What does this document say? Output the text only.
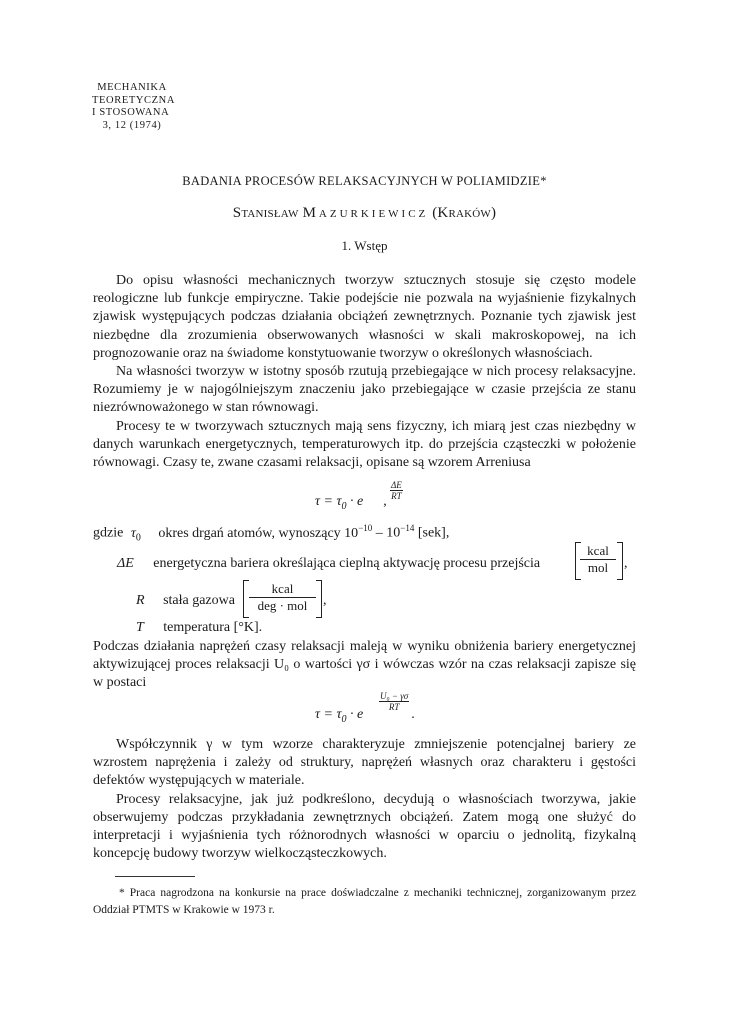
MECHANIKA
TEORETYCZNA
I STOSOWANA
3, 12 (1974)
BADANIA PROCESÓW RELAKSACYJNYCH W POLIAMIDZIE*
Stanisław Mazurkiewicz (Kraków)
1. Wstęp
Do opisu własności mechanicznych tworzyw sztucznych stosuje się często modele reologiczne lub funkcje empiryczne. Takie podejście nie pozwala na wyjaśnienie fizykalnych zjawisk występujących podczas działania obciążeń zewnętrznych. Poznanie tych zjawisk jest niezbędne dla zrozumienia obserwowanych własności w skali makroskopowej, na ich prognozowanie oraz na świadome konstytuowanie tworzyw o określonych własnościach.
Na własności tworzyw w istotny sposób rzutują przebiegające w nich procesy relaksacyjne. Rozumiemy je w najogólniejszym znaczeniu jako przebiegające w czasie przejścia ze stanu niezrównoważonego w stan równowagi.
Procesy te w tworzywach sztucznych mają sens fizyczny, ich miarą jest czas niezbędny w danych warunkach energetycznych, temperaturowych itp. do przejścia cząsteczki w położenie równowagi. Czasy te, zwane czasami relaksacji, opisane są wzorem Arreniusa
$\frac{\Delta E}{RT}$
$\tau = \tau_0 \cdot e$ ,
gdzie $\tau_0$ okres drgań atomów, wynoszący $10^{-10} - 10^{-14}$ [sek],
ΔE energetyczna bariera określająca cieplną aktywację procesu przejścia
kcal
mol	,
R stała gazowa
kcal
deg · mol	,
T temperatura [°K].
Podczas działania naprężeń czasy relaksacji maleją w wyniku obniżenia bariery energetycznej aktywizującej proces relaksacji U₀ o wartości γσ i wówczas wzór na czas relaksacji zapisze się w postaci
$\frac{\text{U₀ − γσ}}{RT}$
$\tau = \tau_0 \cdot e$	.
Współczynnik γ w tym wzorze charakteryzuje zmniejszenie potencjalnej bariery ze wzrostem naprężenia i zależy od struktury, naprężeń własnych oraz charakteru i gęstości defektów występujących w materiale.
Procesy relaksacyjne, jak już podkreślono, decydują o własnościach tworzywa, jakie obserwujemy podczas przykładania zewnętrznych obciążeń. Zatem mogą one służyć do interpretacji i wyjaśnienia tych różnorodnych własności w oparciu o jednolitą, fizykalną koncepcję budowy tworzyw wielkocząsteczkowych.
* Praca nagrodzona na konkursie na prace doświadczalne z mechaniki technicznej, zorganizowanym przez Oddział PTMTS w Krakowie w 1973 r.
